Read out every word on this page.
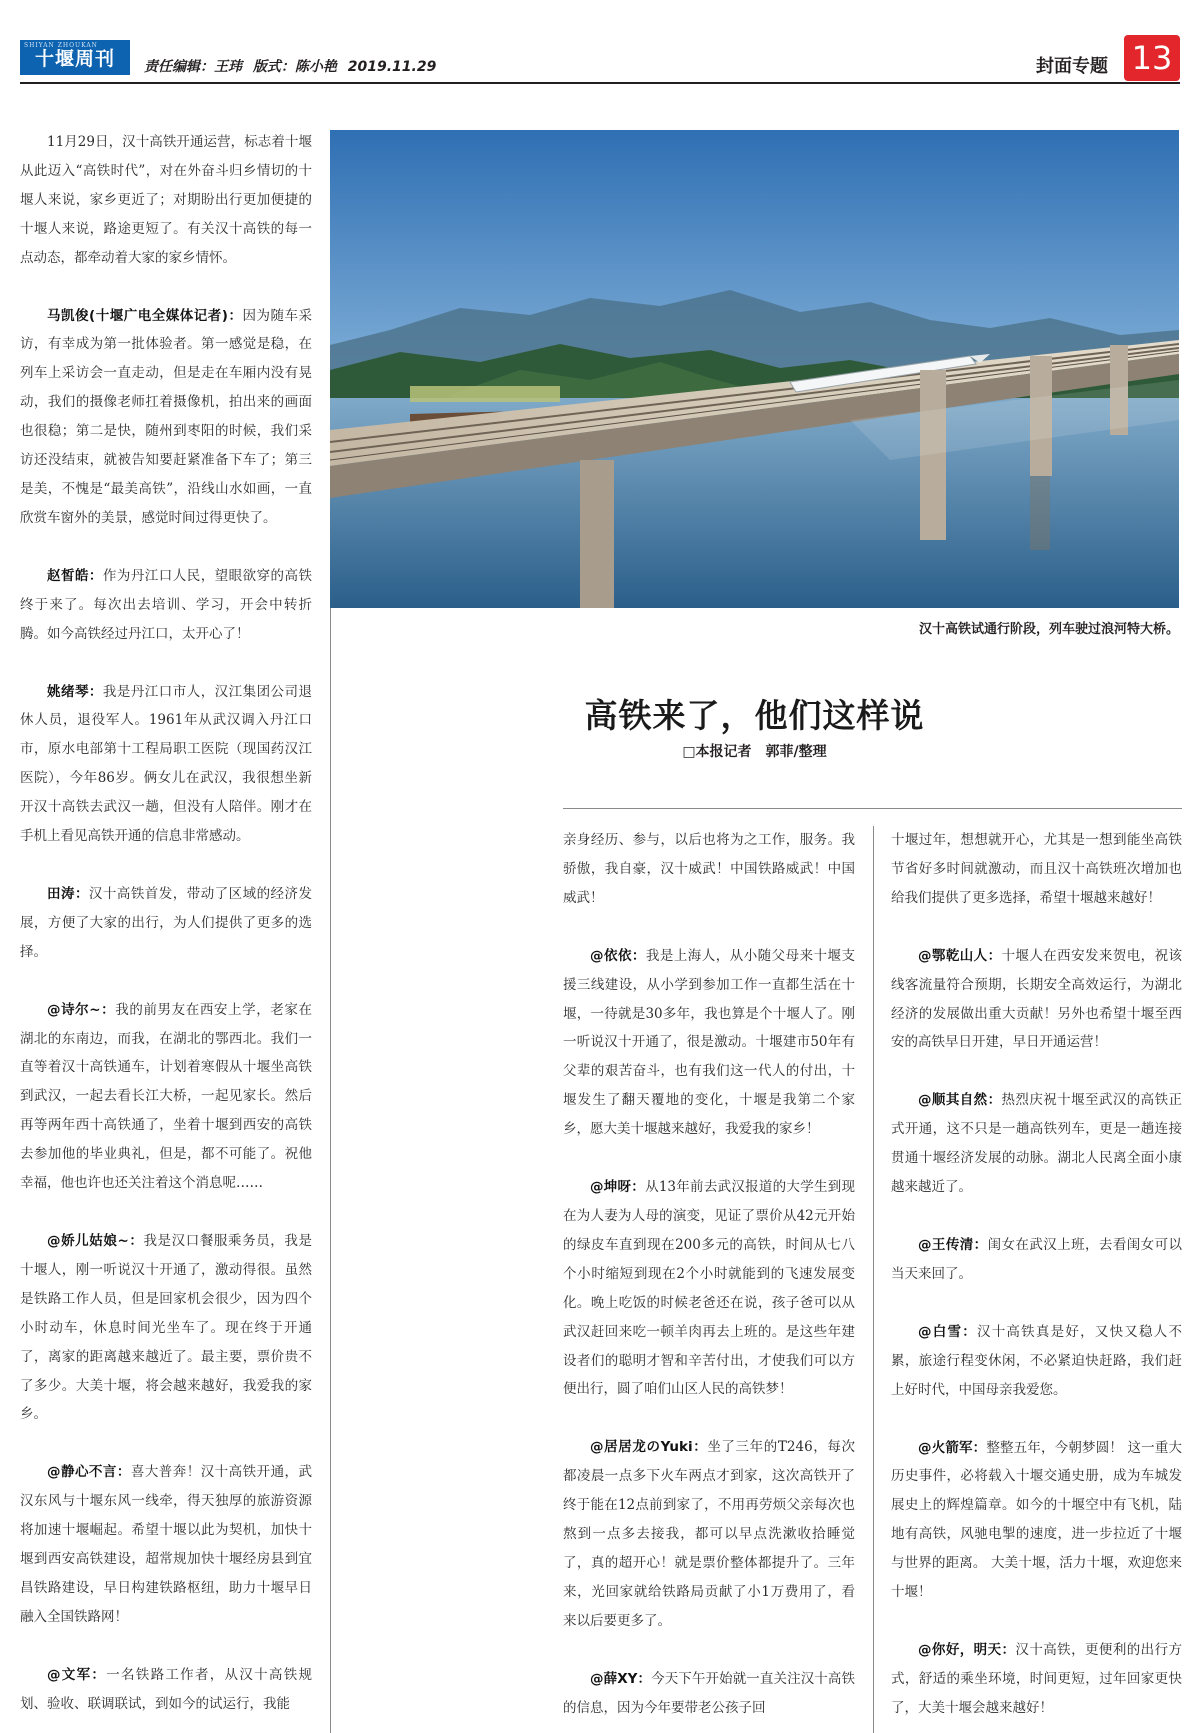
SHIYAN ZHOUKAN
十堰周刊 责任编辑：王玮 版式：陈小艳 2019.11.29	封面专题 13

11月29日，汉十高铁开通运营，标志着十堰从此迈入“高铁时代”，对在外奋斗归乡情切的十堰人来说，家乡更近了；对期盼出行更加便捷的十堰人来说，路途更短了。有关汉十高铁的每一点动态，都牵动着大家的家乡情怀。

马凯俊(十堰广电全媒体记者)：因为随车采访，有幸成为第一批体验者。第一感觉是稳，在列车上采访会一直走动，但是走在车厢内没有晃动，我们的摄像老师扛着摄像机，拍出来的画面也很稳；第二是快，随州到枣阳的时候，我们采访还没结束，就被告知要赶紧准备下车了；第三是美，不愧是“最美高铁”，沿线山水如画，一直欣赏车窗外的美景，感觉时间过得更快了。

赵皙皓：作为丹江口人民，望眼欲穿的高铁终于来了。每次出去培训、学习，开会中转折腾。如今高铁经过丹江口，太开心了！

姚绪琴：我是丹江口市人，汉江集团公司退休人员，退役军人。1961年从武汉调入丹江口市，原水电部第十工程局职工医院（现国药汉江医院），今年86岁。俩女儿在武汉，我很想坐新开汉十高铁去武汉一趟，但没有人陪伴。刚才在手机上看见高铁开通的信息非常感动。

田涛：汉十高铁首发，带动了区域的经济发展，方便了大家的出行，为人们提供了更多的选择。

@诗尔~：我的前男友在西安上学，老家在湖北的东南边，而我，在湖北的鄂西北。我们一直等着汉十高铁通车，计划着寒假从十堰坐高铁到武汉，一起去看长江大桥，一起见家长。然后再等两年西十高铁通了，坐着十堰到西安的高铁去参加他的毕业典礼，但是，都不可能了。祝他幸福，他也许也还关注着这个消息呢……

@娇儿姑娘~：我是汉口餐服乘务员，我是十堰人，刚一听说汉十开通了，激动得很。虽然是铁路工作人员，但是回家机会很少，因为四个小时动车，休息时间光坐车了。现在终于开通了，离家的距离越来越近了。最主要，票价贵不了多少。大美十堰，将会越来越好，我爱我的家乡。

@静心不言：喜大普奔！汉十高铁开通，武汉东风与十堰东风一线牵，得天独厚的旅游资源将加速十堰崛起。希望十堰以此为契机，加快十堰到西安高铁建设，超常规加快十堰经房县到宜昌铁路建设，早日构建铁路枢纽，助力十堰早日融入全国铁路网！

@文军：一名铁路工作者，从汉十高铁规划、验收、联调联试，到如今的试运行，我能

汉十高铁试通行阶段，列车驶过浪河特大桥。
高铁来了，他们这样说
□本报记者　郭菲/整理

亲身经历、参与，以后也将为之工作，服务。我骄傲，我自豪，汉十威武！中国铁路威武！中国威武！

@依依：我是上海人，从小随父母来十堰支援三线建设，从小学到参加工作一直都生活在十堰，一待就是30多年，我也算是个十堰人了。刚一听说汉十开通了，很是激动。十堰建市50年有父辈的艰苦奋斗，也有我们这一代人的付出，十堰发生了翻天覆地的变化，十堰是我第二个家乡，愿大美十堰越来越好，我爱我的家乡！

@坤呀：从13年前去武汉报道的大学生到现在为人妻为人母的演变，见证了票价从42元开始的绿皮车直到现在200多元的高铁，时间从七八个小时缩短到现在2个小时就能到的飞速发展变化。晚上吃饭的时候老爸还在说，孩子爸可以从武汉赶回来吃一顿羊肉再去上班的。是这些年建设者们的聪明才智和辛苦付出，才使我们可以方便出行，圆了咱们山区人民的高铁梦！

@居居龙のYuki：坐了三年的T246，每次都凌晨一点多下火车两点才到家，这次高铁开了终于能在12点前到家了，不用再劳烦父亲每次也熬到一点多去接我，都可以早点洗漱收拾睡觉了，真的超开心！就是票价整体都提升了。三年来，光回家就给铁路局贡献了小1万费用了，看来以后要更多了。

@薛XY：今天下午开始就一直关注汉十高铁的信息，因为今年要带老公孩子回

十堰过年，想想就开心，尤其是一想到能坐高铁节省好多时间就激动，而且汉十高铁班次增加也给我们提供了更多选择，希望十堰越来越好！

@鄂乾山人：十堰人在西安发来贺电，祝该线客流量符合预期，长期安全高效运行，为湖北经济的发展做出重大贡献！另外也希望十堰至西安的高铁早日开建，早日开通运营！

@顺其自然：热烈庆祝十堰至武汉的高铁正式开通，这不只是一趟高铁列车，更是一趟连接贯通十堰经济发展的动脉。湖北人民离全面小康越来越近了。

@王传清：闺女在武汉上班，去看闺女可以当天来回了。

@白雪：汉十高铁真是好，又快又稳人不累，旅途行程变休闲，不必紧迫快赶路，我们赶上好时代，中国母亲我爱您。

@火箭军：整整五年，今朝梦圆！ 这一重大历史事件，必将载入十堰交通史册，成为车城发展史上的辉煌篇章。如今的十堰空中有飞机，陆地有高铁，风驰电掣的速度，进一步拉近了十堰与世界的距离。 大美十堰，活力十堰，欢迎您来十堰！

@你好，明天：汉十高铁，更便利的出行方式，舒适的乘坐环境，时间更短，过年回家更快了，大美十堰会越来越好！
